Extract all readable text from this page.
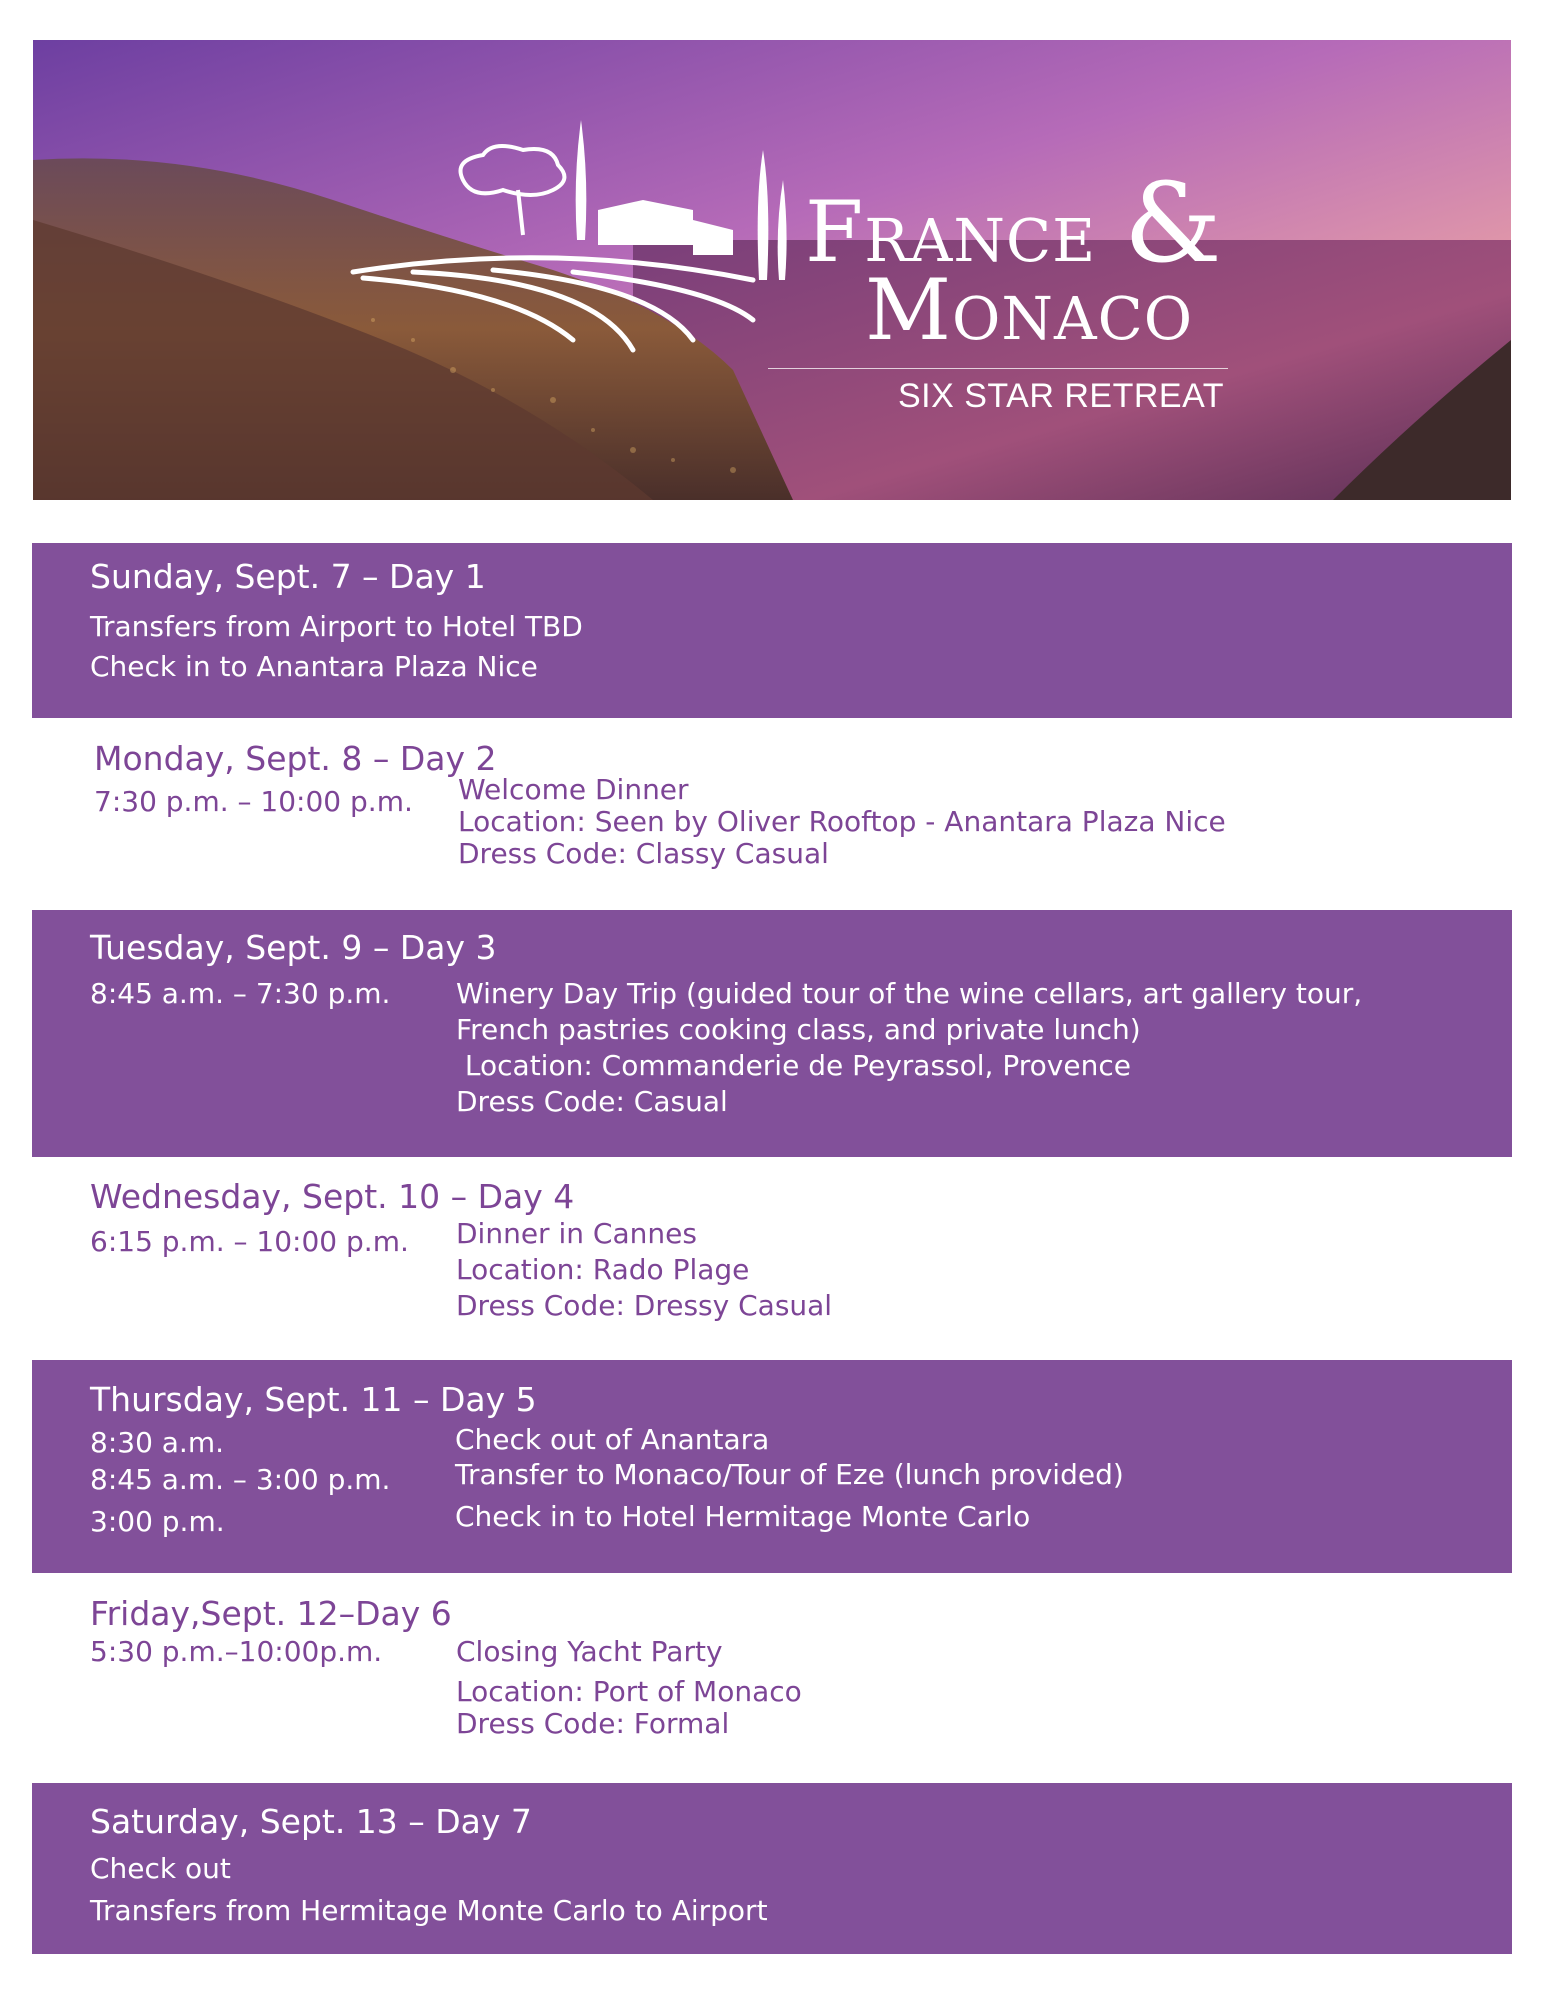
France &
Monaco
SIX STAR RETREAT
Sunday, Sept. 7 – Day 1
Transfers from Airport to Hotel TBD
Check in to Anantara Plaza Nice
Monday, Sept. 8 – Day 2
7:30 p.m. – 10:00 p.m. Welcome Dinner
Location: Seen by Oliver Rooftop - Anantara Plaza Nice
Dress Code: Classy Casual
Tuesday, Sept. 9 – Day 3
8:45 a.m. – 7:30 p.m. Winery Day Trip (guided tour of the wine cellars, art gallery tour,
French pastries cooking class, and private lunch)
Location: Commanderie de Peyrassol, Provence
Dress Code: Casual
Wednesday, Sept. 10 – Day 4
6:15 p.m. – 10:00 p.m. Dinner in Cannes
Location: Rado Plage
Dress Code: Dressy Casual
Thursday, Sept. 11 – Day 5
8:30 a.m.
8:45 a.m. – 3:00 p.m.
3:00 p.m.
Check out of Anantara
Transfer to Monaco/Tour of Eze (lunch provided)
Check in to Hotel Hermitage Monte Carlo
Friday,Sept. 12–Day 6
5:30 p.m.–10:00p.m.	Closing Yacht Party
Location: Port of Monaco
Dress Code: Formal
Saturday, Sept. 13 – Day 7
Check out
Transfers from Hermitage Monte Carlo to Airport
